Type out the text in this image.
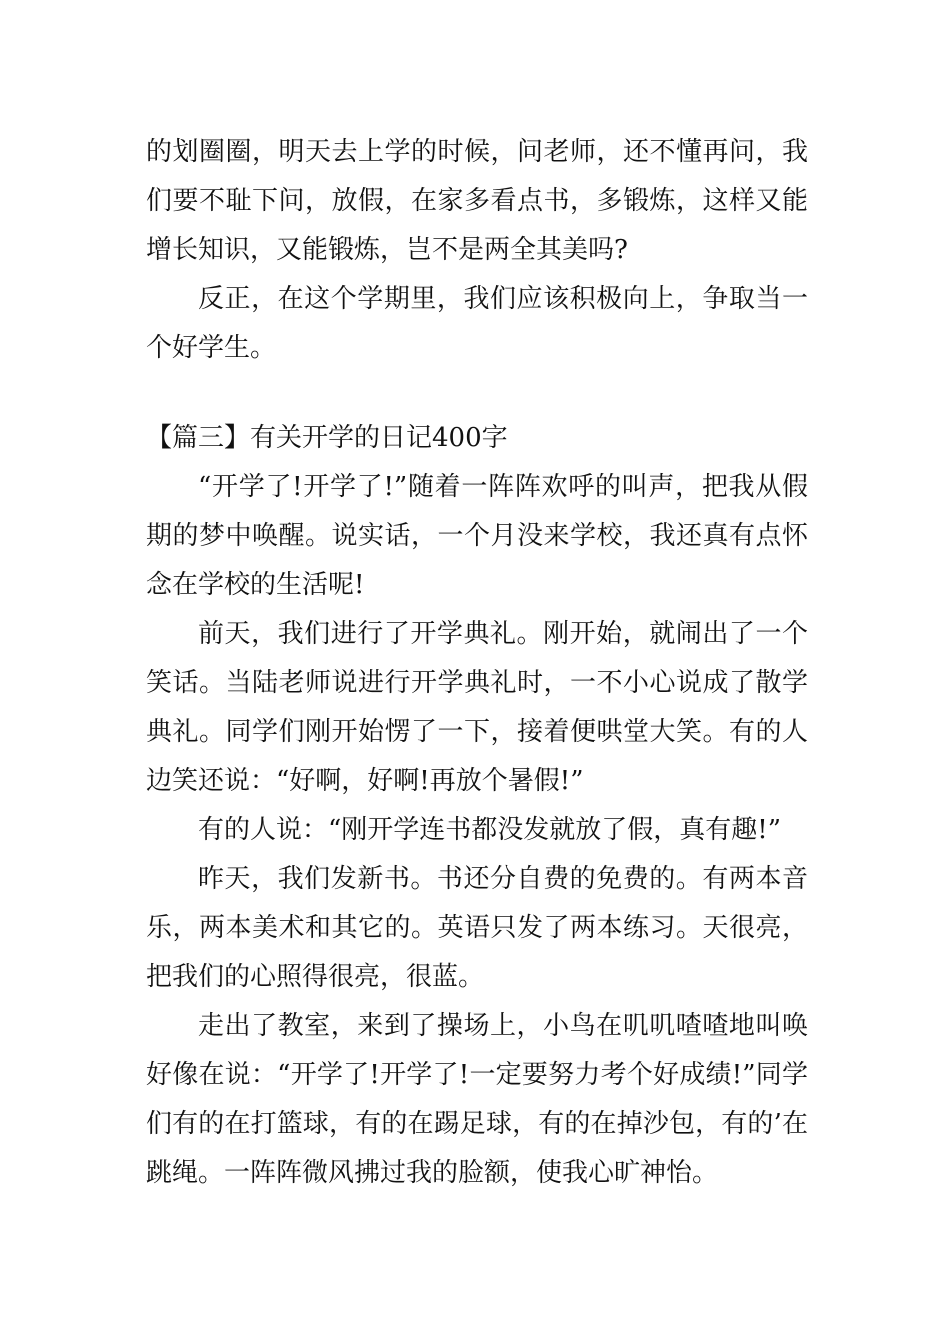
的划圈圈，明天去上学的时候，问老师，还不懂再问，我们要不耻下问，放假，在家多看点书，多锻炼，这样又能增长知识，又能锻炼，岂不是两全其美吗?

反正，在这个学期里，我们应该积极向上，争取当一个好学生。

【篇三】有关开学的日记400字

“开学了!开学了!”随着一阵阵欢呼的叫声，把我从假期的梦中唤醒。说实话，一个月没来学校，我还真有点怀念在学校的生活呢!

前天，我们进行了开学典礼。刚开始，就闹出了一个笑话。当陆老师说进行开学典礼时，一不小心说成了散学典礼。同学们刚开始愣了一下，接着便哄堂大笑。有的人边笑还说：“好啊，好啊!再放个暑假!”

有的人说：“刚开学连书都没发就放了假，真有趣!”

昨天，我们发新书。书还分自费的免费的。有两本音乐，两本美术和其它的。英语只发了两本练习。天很亮，把我们的心照得很亮，很蓝。

走出了教室，来到了操场上，小鸟在叽叽喳喳地叫唤好像在说：“开学了!开学了!一定要努力考个好成绩!”同学们有的在打篮球，有的在踢足球，有的在掉沙包，有的’在跳绳。一阵阵微风拂过我的脸额，使我心旷神怡。
